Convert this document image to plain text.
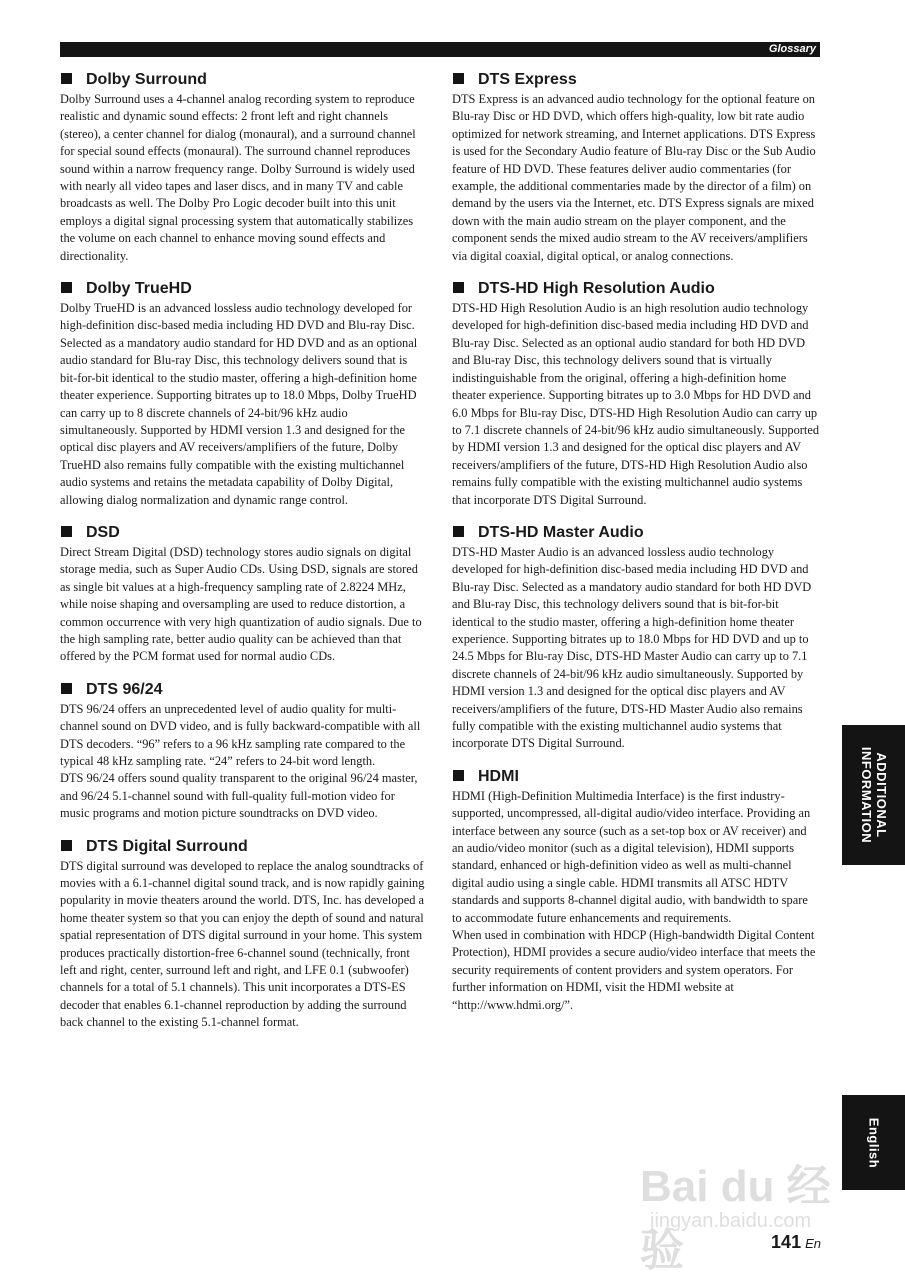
Glossary
Dolby Surround

Dolby Surround uses a 4-channel analog recording system to reproduce realistic and dynamic sound effects: 2 front left and right channels (stereo), a center channel for dialog (monaural), and a surround channel for special sound effects (monaural). The surround channel reproduces sound within a narrow frequency range. Dolby Surround is widely used with nearly all video tapes and laser discs, and in many TV and cable broadcasts as well. The Dolby Pro Logic decoder built into this unit employs a digital signal processing system that automatically stabilizes the volume on each channel to enhance moving sound effects and directionality.

Dolby TrueHD

Dolby TrueHD is an advanced lossless audio technology developed for high-definition disc-based media including HD DVD and Blu-ray Disc. Selected as a mandatory audio standard for HD DVD and as an optional audio standard for Blu-ray Disc, this technology delivers sound that is bit-for-bit identical to the studio master, offering a high-definition home theater experience. Supporting bitrates up to 18.0 Mbps, Dolby TrueHD can carry up to 8 discrete channels of 24-bit/96 kHz audio simultaneously. Supported by HDMI version 1.3 and designed for the optical disc players and AV receivers/amplifiers of the future, Dolby TrueHD also remains fully compatible with the existing multichannel audio systems and retains the metadata capability of Dolby Digital, allowing dialog normalization and dynamic range control.

DSD

Direct Stream Digital (DSD) technology stores audio signals on digital storage media, such as Super Audio CDs. Using DSD, signals are stored as single bit values at a high-frequency sampling rate of 2.8224 MHz, while noise shaping and oversampling are used to reduce distortion, a common occurrence with very high quantization of audio signals. Due to the high sampling rate, better audio quality can be achieved than that offered by the PCM format used for normal audio CDs.

DTS 96/24

DTS 96/24 offers an unprecedented level of audio quality for multi-channel sound on DVD video, and is fully backward-compatible with all DTS decoders. “96” refers to a 96 kHz sampling rate compared to the typical 48 kHz sampling rate. “24” refers to 24-bit word length.

DTS 96/24 offers sound quality transparent to the original 96/24 master, and 96/24 5.1-channel sound with full-quality full-motion video for music programs and motion picture soundtracks on DVD video.

DTS Digital Surround

DTS digital surround was developed to replace the analog soundtracks of movies with a 6.1-channel digital sound track, and is now rapidly gaining popularity in movie theaters around the world. DTS, Inc. has developed a home theater system so that you can enjoy the depth of sound and natural spatial representation of DTS digital surround in your home. This system produces practically distortion-free 6-channel sound (technically, front left and right, center, surround left and right, and LFE 0.1 (subwoofer) channels for a total of 5.1 channels). This unit incorporates a DTS-ES decoder that enables 6.1-channel reproduction by adding the surround back channel to the existing 5.1-channel format.

DTS Express

DTS Express is an advanced audio technology for the optional feature on Blu-ray Disc or HD DVD, which offers high-quality, low bit rate audio optimized for network streaming, and Internet applications. DTS Express is used for the Secondary Audio feature of Blu-ray Disc or the Sub Audio feature of HD DVD. These features deliver audio commentaries (for example, the additional commentaries made by the director of a film) on demand by the users via the Internet, etc. DTS Express signals are mixed down with the main audio stream on the player component, and the component sends the mixed audio stream to the AV receivers/amplifiers via digital coaxial, digital optical, or analog connections.

DTS-HD High Resolution Audio

DTS-HD High Resolution Audio is an high resolution audio technology developed for high-definition disc-based media including HD DVD and Blu-ray Disc. Selected as an optional audio standard for both HD DVD and Blu-ray Disc, this technology delivers sound that is virtually indistinguishable from the original, offering a high-definition home theater experience. Supporting bitrates up to 3.0 Mbps for HD DVD and 6.0 Mbps for Blu-ray Disc, DTS-HD High Resolution Audio can carry up to 7.1 discrete channels of 24-bit/96 kHz audio simultaneously. Supported by HDMI version 1.3 and designed for the optical disc players and AV receivers/amplifiers of the future, DTS-HD High Resolution Audio also remains fully compatible with the existing multichannel audio systems that incorporate DTS Digital Surround.

DTS-HD Master Audio

DTS-HD Master Audio is an advanced lossless audio technology developed for high-definition disc-based media including HD DVD and Blu-ray Disc. Selected as a mandatory audio standard for both HD DVD and Blu-ray Disc, this technology delivers sound that is bit-for-bit identical to the studio master, offering a high-definition home theater experience. Supporting bitrates up to 18.0 Mbps for HD DVD and up to 24.5 Mbps for Blu-ray Disc, DTS-HD Master Audio can carry up to 7.1 discrete channels of 24-bit/96 kHz audio simultaneously. Supported by HDMI version 1.3 and designed for the optical disc players and AV receivers/amplifiers of the future, DTS-HD Master Audio also remains fully compatible with the existing multichannel audio systems that incorporate DTS Digital Surround.

HDMI

HDMI (High-Definition Multimedia Interface) is the first industry-supported, uncompressed, all-digital audio/video interface. Providing an interface between any source (such as a set-top box or AV receiver) and an audio/video monitor (such as a digital television), HDMI supports standard, enhanced or high-definition video as well as multi-channel digital audio using a single cable. HDMI transmits all ATSC HDTV standards and supports 8-channel digital audio, with bandwidth to spare to accommodate future enhancements and requirements.

When used in combination with HDCP (High-bandwidth Digital Content Protection), HDMI provides a secure audio/video interface that meets the security requirements of content providers and system operators. For further information on HDMI, visit the HDMI website at “http://www.hdmi.org/”.

ADDITIONAL
INFORMATION
English
Bai du 经验
jingyan.baidu.com
141 En
